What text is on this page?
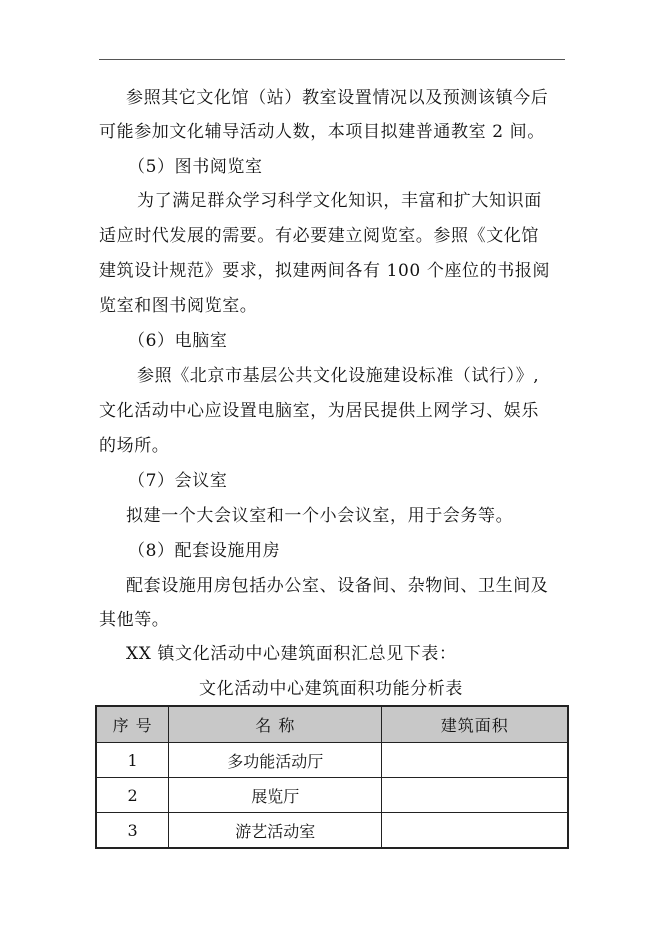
参照其它文化馆（站）教室设置情况以及预测该镇今后
可能参加文化辅导活动人数，本项目拟建普通教室 2 间。
（5）图书阅览室
为了满足群众学习科学文化知识，丰富和扩大知识面
适应时代发展的需要。有必要建立阅览室。参照《文化馆
建筑设计规范》要求，拟建两间各有 100 个座位的书报阅
览室和图书阅览室。
（6）电脑室
参照《北京市基层公共文化设施建设标准（试行）》,
文化活动中心应设置电脑室，为居民提供上网学习、娱乐
的场所。
（7）会议室
拟建一个大会议室和一个小会议室，用于会务等。
（8）配套设施用房
配套设施用房包括办公室、设备间、杂物间、卫生间及
其他等。
XX 镇文化活动中心建筑面积汇总见下表：
文化活动中心建筑面积功能分析表
序 号	名 称	建筑面积
1	多功能活动厅	
2	展览厅	
3	游艺活动室	
